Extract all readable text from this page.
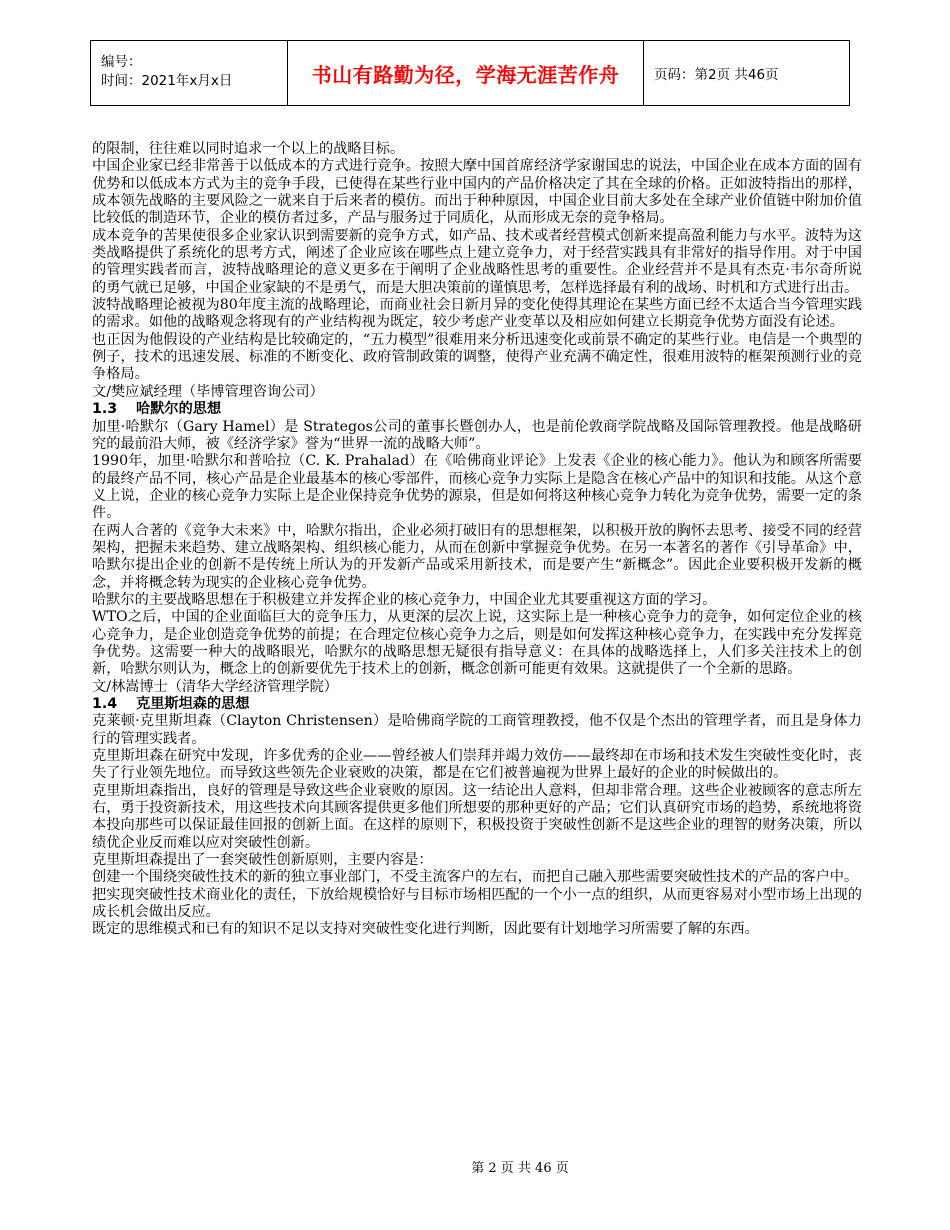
编号：
时间：2021年x月x日	书山有路勤为径，学海无涯苦作舟	页码：第2页 共46页

的限制，往往难以同时追求一个以上的战略目标。

中国企业家已经非常善于以低成本的方式进行竞争。按照大摩中国首席经济学家谢国忠的说法，中国企业在成本方面的固有优势和以低成本方式为主的竞争手段，已使得在某些行业中国内的产品价格决定了其在全球的价格。正如波特指出的那样，成本领先战略的主要风险之一就来自于后来者的模仿。而出于种种原因，中国企业目前大多处在全球产业价值链中附加价值比较低的制造环节，企业的模仿者过多，产品与服务过于同质化，从而形成无奈的竞争格局。

成本竞争的苦果使很多企业家认识到需要新的竞争方式，如产品、技术或者经营模式创新来提高盈利能力与水平。波特为这类战略提供了系统化的思考方式，阐述了企业应该在哪些点上建立竞争力，对于经营实践具有非常好的指导作用。对于中国的管理实践者而言，波特战略理论的意义更多在于阐明了企业战略性思考的重要性。企业经营并不是具有杰克·韦尔奇所说的勇气就已足够，中国企业家缺的不是勇气，而是大胆决策前的谨慎思考，怎样选择最有利的战场、时机和方式进行出击。

波特战略理论被视为80年度主流的战略理论，而商业社会日新月异的变化使得其理论在某些方面已经不太适合当今管理实践的需求。如他的战略观念将现有的产业结构视为既定，较少考虑产业变革以及相应如何建立长期竞争优势方面没有论述。

也正因为他假设的产业结构是比较确定的，“五力模型”很难用来分析迅速变化或前景不确定的某些行业。电信是一个典型的例子，技术的迅速发展、标准的不断变化、政府管制政策的调整，使得产业充满不确定性，很难用波特的框架预测行业的竞争格局。

文/樊应斌经理（毕博管理咨询公司）

1.3 哈默尔的思想

加里·哈默尔（Gary Hamel）是 Strategos公司的董事长暨创办人，也是前伦敦商学院战略及国际管理教授。他是战略研究的最前沿大师，被《经济学家》誉为“世界一流的战略大师”。

1990年，加里·哈默尔和普哈拉（C. K. Prahalad）在《哈佛商业评论》上发表《企业的核心能力》。他认为和顾客所需要的最终产品不同，核心产品是企业最基本的核心零部件，而核心竞争力实际上是隐含在核心产品中的知识和技能。从这个意义上说，企业的核心竞争力实际上是企业保持竞争优势的源泉，但是如何将这种核心竞争力转化为竞争优势，需要一定的条件。

在两人合著的《竞争大未来》中，哈默尔指出，企业必须打破旧有的思想框架，以积极开放的胸怀去思考、接受不同的经营架构，把握未来趋势、建立战略架构、组织核心能力，从而在创新中掌握竞争优势。在另一本著名的著作《引导革命》中，哈默尔提出企业的创新不是传统上所认为的开发新产品或采用新技术，而是要产生“新概念”。因此企业要积极开发新的概念，并将概念转为现实的企业核心竞争优势。

哈默尔的主要战略思想在于积极建立并发挥企业的核心竞争力，中国企业尤其要重视这方面的学习。

WTO之后，中国的企业面临巨大的竞争压力，从更深的层次上说，这实际上是一种核心竞争力的竞争，如何定位企业的核心竞争力，是企业创造竞争优势的前提；在合理定位核心竞争力之后，则是如何发挥这种核心竞争力，在实践中充分发挥竞争优势。这需要一种大的战略眼光，哈默尔的战略思想无疑很有指导意义：在具体的战略选择上，人们多关注技术上的创新，哈默尔则认为，概念上的创新要优先于技术上的创新，概念创新可能更有效果。这就提供了一个全新的思路。

文/林嵩博士（清华大学经济管理学院）

1.4 克里斯坦森的思想

克莱顿·克里斯坦森（Clayton Christensen）是哈佛商学院的工商管理教授，他不仅是个杰出的管理学者，而且是身体力行的管理实践者。

克里斯坦森在研究中发现，许多优秀的企业——曾经被人们崇拜并竭力效仿——最终却在市场和技术发生突破性变化时，丧失了行业领先地位。而导致这些领先企业衰败的决策，都是在它们被普遍视为世界上最好的企业的时候做出的。

克里斯坦森指出，良好的管理是导致这些企业衰败的原因。这一结论出人意料，但却非常合理。这些企业被顾客的意志所左右，勇于投资新技术，用这些技术向其顾客提供更多他们所想要的那种更好的产品；它们认真研究市场的趋势，系统地将资本投向那些可以保证最佳回报的创新上面。在这样的原则下，积极投资于突破性创新不是这些企业的理智的财务决策，所以绩优企业反而难以应对突破性创新。

克里斯坦森提出了一套突破性创新原则，主要内容是：

创建一个围绕突破性技术的新的独立事业部门，不受主流客户的左右，而把自己融入那些需要突破性技术的产品的客户中。

把实现突破性技术商业化的责任，下放给规模恰好与目标市场相匹配的一个小一点的组织，从而更容易对小型市场上出现的成长机会做出反应。

既定的思维模式和已有的知识不足以支持对突破性变化进行判断，因此要有计划地学习所需要了解的东西。

第 2 页 共 46 页
